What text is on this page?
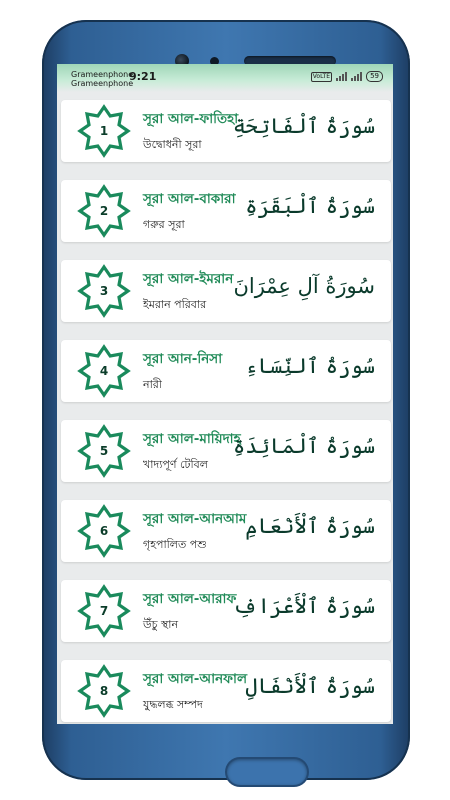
Grameenphone
Grameenphone
9:21	VoLTE	59
1
সূরা আল-ফাতিহা
উদ্বোধনী সূরা
سُورَةُ ٱلْفَاتِحَةِ
2
সূরা আল-বাকারা
গরুর সূরা
سُورَةُ ٱلْبَقَرَةِ
3
সূরা আল-ইমরান
ইমরান পরিবার
سُورَةُ آلِ عِمْرَانَ
4
সূরা আন-নিসা
নারী
سُورَةُ ٱلنِّسَاءِ
5
সূরা আল-মায়িদাহ
খাদ্যপূর্ণ টেবিল
سُورَةُ ٱلْمَائِدَةِ
6
সূরা আল-আনআম
গৃহপালিত পশু
سُورَةُ ٱلْأَنْعَامِ
7
সূরা আল-আরাফ
উঁচু স্থান
سُورَةُ ٱلْأَعْرَافِ
8
সূরা আল-আনফাল
যুদ্ধলব্ধ সম্পদ
سُورَةُ ٱلْأَنْفَالِ
